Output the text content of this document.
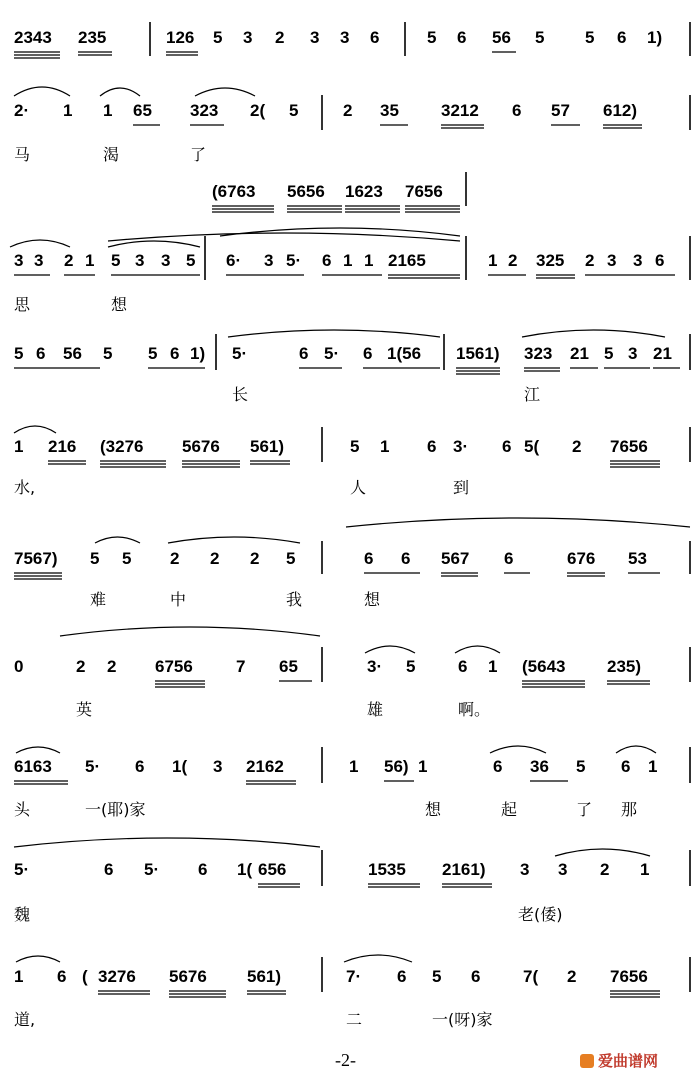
2343 235	126 5 3 2 3 3 6	5 6 56 5 5 6 1)
2· 1 1 65 323 2( 5	2 35 3212 6 57 612)
马	渴	了
(6763 5656 1623 7656
3 3 2 1 5 3 3 5 6· 3 5· 6 1 1 2165	1 2 325 2 3 3 6
思	想
5 6 56 5 5 6 1) 5·	6 5· 6 1(56 1561) 323 21 5 3 21
长	江
1 216 (3276 5676 561)	5 1 6 3· 6 5( 2 7656
水,	人	到
7567) 5 5 2 2 2 5	6 6 567 6	676 53
难	中	我	想
0	2 2 6756	7 65	3· 5	6 1 (5643 235)
英	雄	啊。
6163 5· 6 1( 3 2162	1 56) 1	6 36 5 6 1
头	一(耶)家	想	起	了 那
5·	6 5· 6 1( 656	1535 2161) 3 3 2 1
魏	老(倭)
1 6 ( 3276 5676 561)	7· 6 5 6	7( 2 7656
道,	二	一(呀)家
-2-	爱曲谱网
